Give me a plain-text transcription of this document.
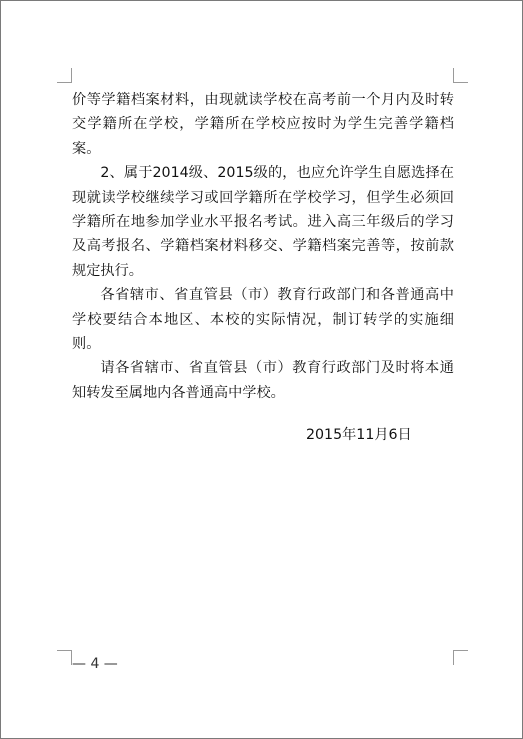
价等学籍档案材料，由现就读学校在高考前一个月内及时转交学籍所在学校，学籍所在学校应按时为学生完善学籍档案。

2、属于2014级、2015级的，也应允许学生自愿选择在现就读学校继续学习或回学籍所在学校学习，但学生必须回学籍所在地参加学业水平报名考试。进入高三年级后的学习及高考报名、学籍档案材料移交、学籍档案完善等，按前款规定执行。

各省辖市、省直管县（市）教育行政部门和各普通高中学校要结合本地区、本校的实际情况，制订转学的实施细则。

请各省辖市、省直管县（市）教育行政部门及时将本通知转发至属地内各普通高中学校。

2015年11月6日
— 4 —
